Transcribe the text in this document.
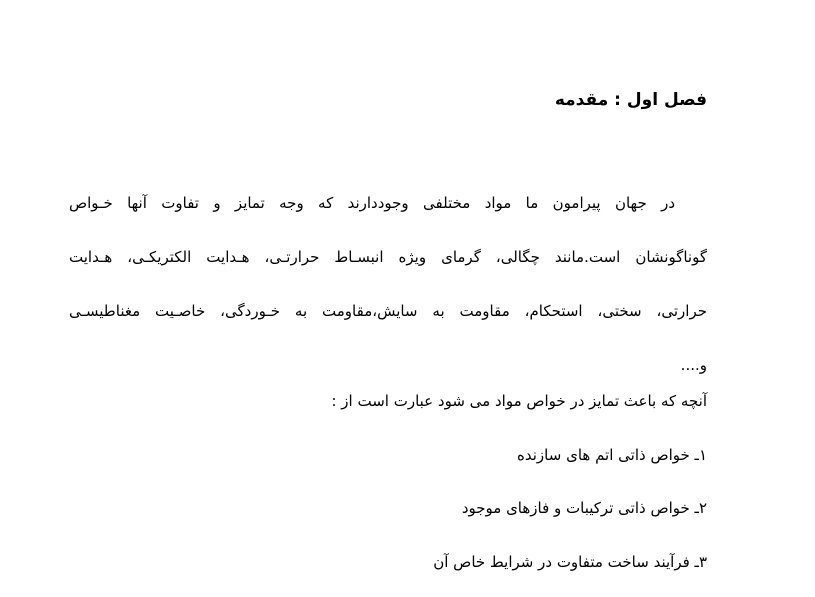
فصل اول : مقدمه
در جهان پیرامون ما مواد مختلفی وجوددارند که وجه تمایز و تفاوت آنها خـواص
گوناگونشان است.مانند چگالی، گرمای ویژه انبسـاط حرارتـی، هـدایت الکتریکـی، هـدایت
حرارتی، سختی، استحکام، مقاومت به سایش،مقاومت به خـوردگی، خاصـیت مغناطیسـی
و....
آنچه که باعث تمایز در خواص مواد می شود عبارت است از :
۱ـ خواص ذاتی اتم های سازنده
۲ـ خواص ذاتی ترکیبات و فازهای موجود
۳ـ فرآیند ساخت متفاوت در شرایط خاص آن
